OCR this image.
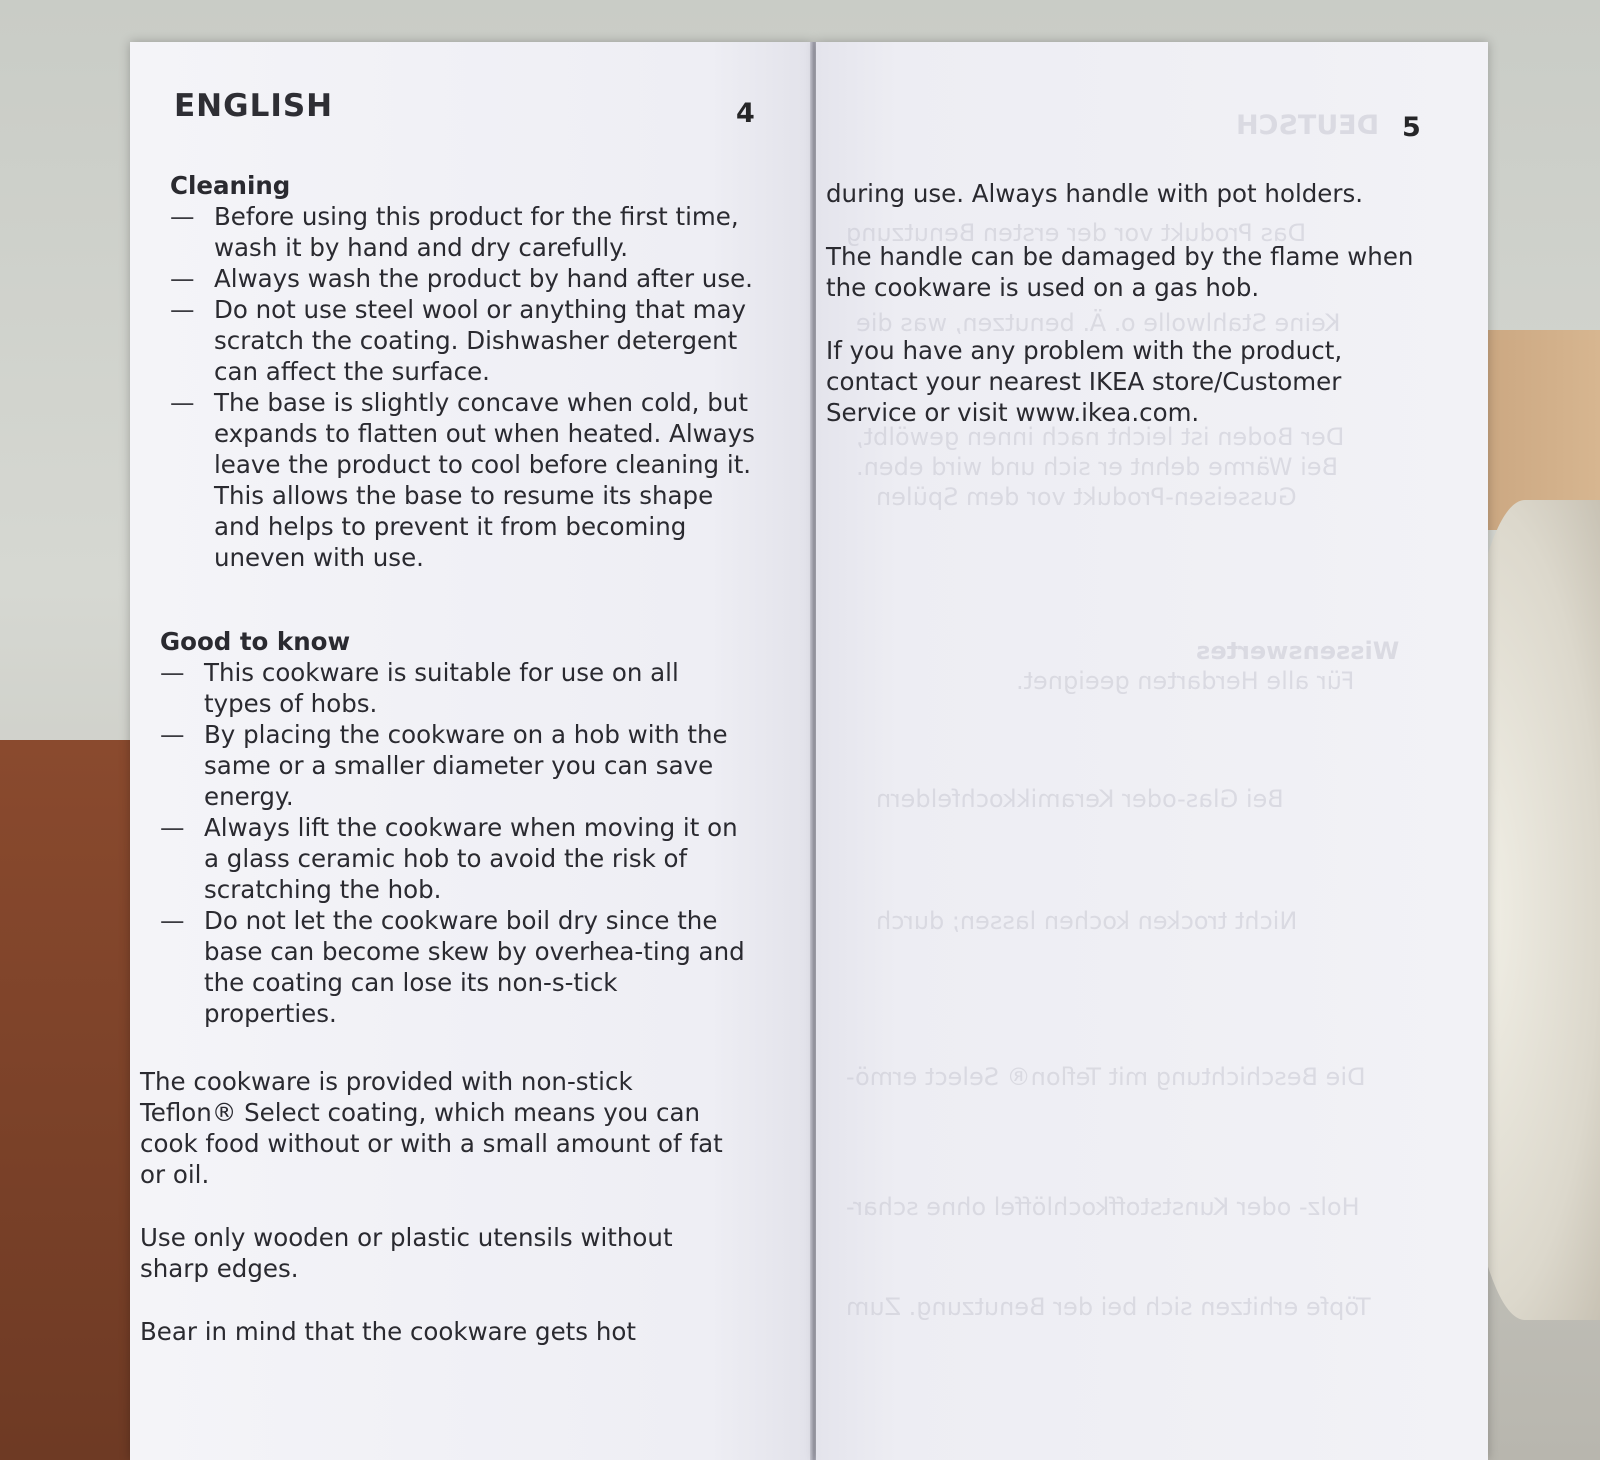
ENGLISH	4

Cleaning

— Before using this product for the first time, wash it by hand and dry carefully.
— Always wash the product by hand after use.
— Do not use steel wool or anything that may scratch the coating. Dishwasher detergent can affect the surface.
— The base is slightly concave when cold, but expands to flatten out when heated. Always leave the product to cool before cleaning it. This allows the base to resume its shape and helps to prevent it from becoming uneven with use.

Good to know

— This cookware is suitable for use on all types of hobs.
— By placing the cookware on a hob with the same or a smaller diameter you can save energy.
— Always lift the cookware when moving it on a glass ceramic hob to avoid the risk of scratching the hob.
— Do not let the cookware boil dry since the base can become skew by overhea-ting and the coating can lose its non-s-tick properties.

The cookware is provided with non-stick Teflon® Select coating, which means you can cook food without or with a small amount of fat or oil.

Use only wooden or plastic utensils without sharp edges.

Bear in mind that the cookware gets hot

DEUTSCH 5

during use. Always handle with pot holders.

The handle can be damaged by the flame when the cookware is used on a gas hob.

If you have any problem with the product, contact your nearest IKEA store/Customer Service or visit www.ikea.com.

Das Produkt vor der ersten Benutzung
Keine Stahlwolle o. Ä. benutzen, was die
Der Boden ist leicht nach innen gewölbt,
Bei Wärme dehnt er sich und wird eben.
Gusseisen-Produkt vor dem Spülen
Wissenswertes
Für alle Herdarten geeignet.
Bei Glas-oder Keramikkochfeldern
Nicht trocken kochen lassen; durch
Die Beschichtung mit Teflon® Select ermö-
Holz- oder Kunststoffkochlöffel ohne schar-
Töpfe erhitzen sich bei der Benutzung. Zum
